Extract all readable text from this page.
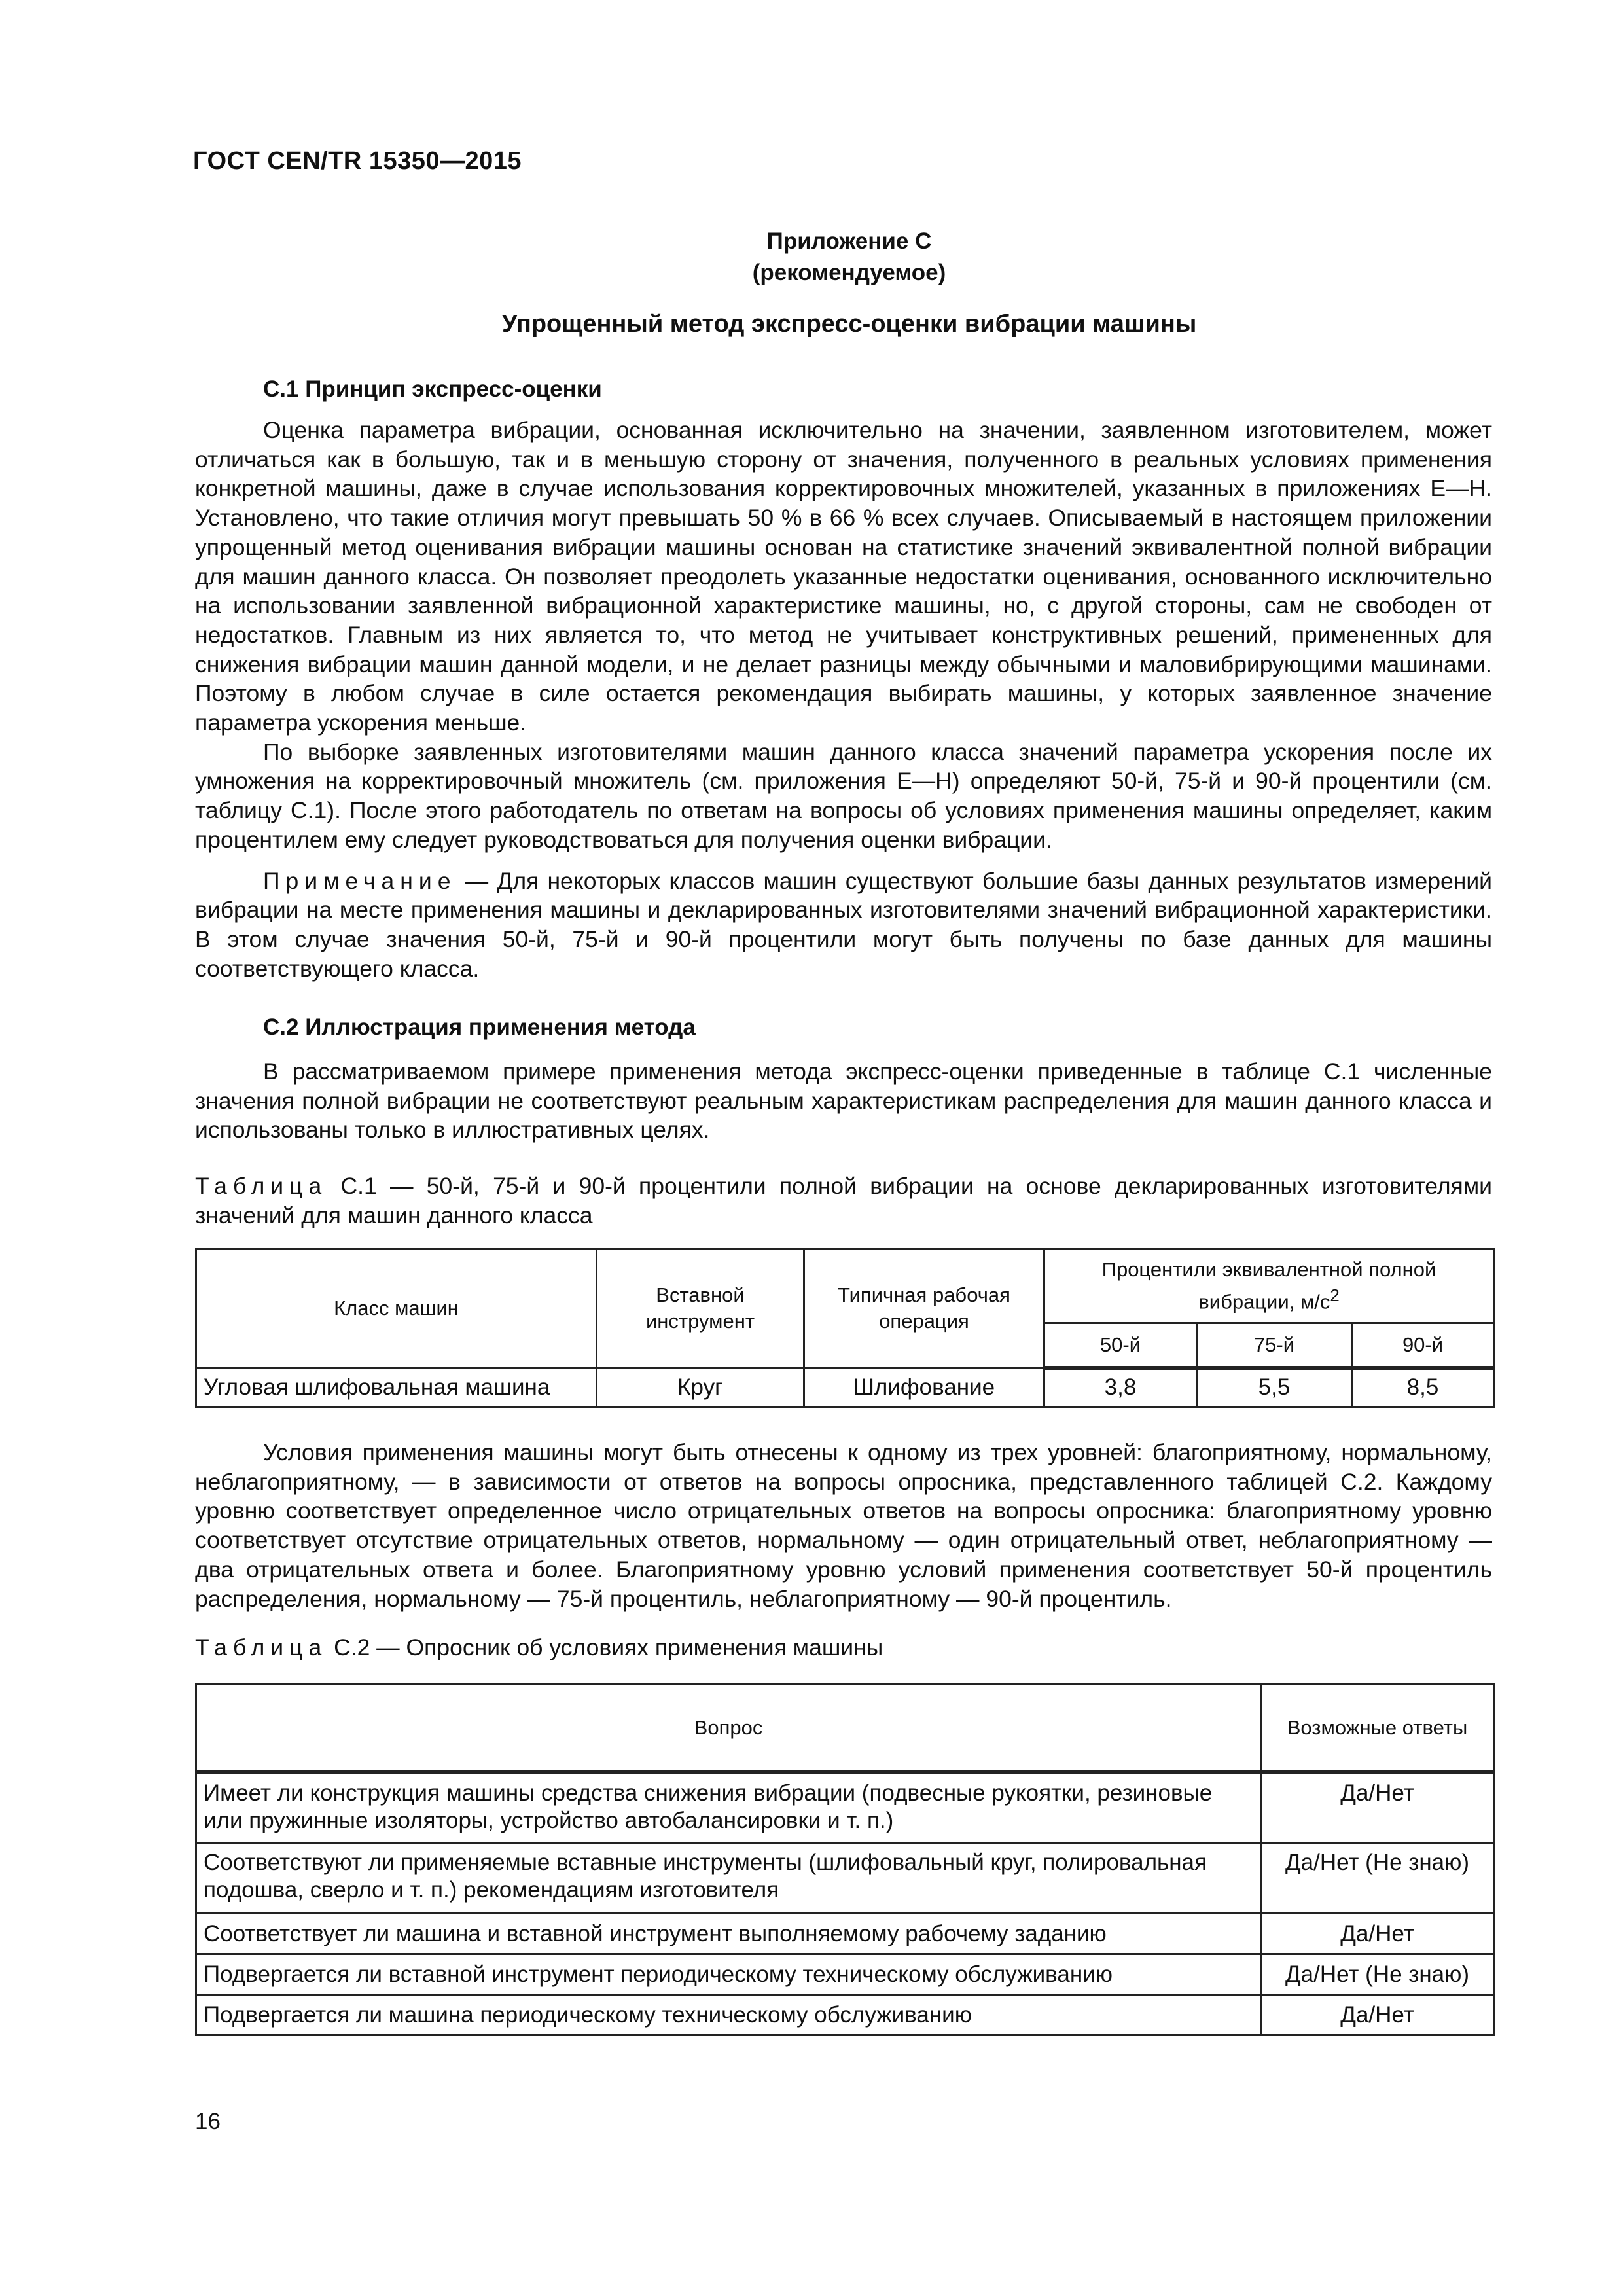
ГОСТ CEN/TR 15350—2015
Приложение С
(рекомендуемое)
Упрощенный метод экспресс-оценки вибрации машины
С.1 Принцип экспресс-оценки

Оценка параметра вибрации, основанная исключительно на значении, заявленном изготовителем, может отличаться как в большую, так и в меньшую сторону от значения, полученного в реальных условиях применения конкретной машины, даже в случае использования корректировочных множителей, указанных в приложениях Е—Н. Установлено, что такие отличия могут превышать 50 % в 66 % всех случаев. Описываемый в настоящем приложении упрощенный метод оценивания вибрации машины основан на статистике значений эквивалентной полной вибрации для машин данного класса. Он позволяет преодолеть указанные недостатки оценивания, основанного исключительно на использовании заявленной вибрационной характеристике машины, но, с другой стороны, сам не свободен от недостатков. Главным из них является то, что метод не учитывает конструктивных решений, примененных для снижения вибрации машин данной модели, и не делает разницы между обычными и маловибрирующими машинами. Поэтому в любом случае в силе остается рекомендация выбирать машины, у которых заявленное значение параметра ускорения меньше.

По выборке заявленных изготовителями машин данного класса значений параметра ускорения после их умножения на корректировочный множитель (см. приложения Е—Н) определяют 50-й, 75-й и 90-й процентили (см. таблицу С.1). После этого работодатель по ответам на вопросы об условиях применения машины определяет, каким процентилем ему следует руководствоваться для получения оценки вибрации.

Примечание — Для некоторых классов машин существуют большие базы данных результатов измерений вибрации на месте применения машины и декларированных изготовителями значений вибрационной характеристики. В этом случае значения 50-й, 75-й и 90-й процентили могут быть получены по базе данных для машины соответствующего класса.

С.2 Иллюстрация применения метода

В рассматриваемом примере применения метода экспресс-оценки приведенные в таблице С.1 численные значения полной вибрации не соответствуют реальным характеристикам распределения для машин данного класса и использованы только в иллюстративных целях.

Таблица С.1 — 50-й, 75-й и 90-й процентили полной вибрации на основе декларированных изготовителями значений для машин данного класса

Класс машин	Вставной инструмент	Типичная рабочая операция	Процентили эквивалентной полной вибрации, $м/с^2$
			50-й	75-й	90-й
Угловая шлифовальная машина	Круг	Шлифование	3,8	5,5	8,5

Условия применения машины могут быть отнесены к одному из трех уровней: благоприятному, нормальному, неблагоприятному, — в зависимости от ответов на вопросы опросника, представленного таблицей С.2. Каждому уровню соответствует определенное число отрицательных ответов на вопросы опросника: благоприятному уровню соответствует отсутствие отрицательных ответов, нормальному — один отрицательный ответ, неблагоприятному — два отрицательных ответа и более. Благоприятному уровню условий применения соответствует 50-й процентиль распределения, нормальному — 75-й процентиль, неблагоприятному — 90-й процентиль.

Таблица С.2 — Опросник об условиях применения машины

Вопрос	Возможные ответы
Имеет ли конструкция машины средства снижения вибрации (подвесные рукоятки, резиновые или пружинные изоляторы, устройство автобалансировки и т. п.)	Да/Нет
Соответствуют ли применяемые вставные инструменты (шлифовальный круг, полировальная подошва, сверло и т. п.) рекомендациям изготовителя	Да/Нет (Не знаю)
Соответствует ли машина и вставной инструмент выполняемому рабочему заданию	Да/Нет
Подвергается ли вставной инструмент периодическому техническому обслуживанию	Да/Нет (Не знаю)
Подвергается ли машина периодическому техническому обслуживанию	Да/Нет
16
